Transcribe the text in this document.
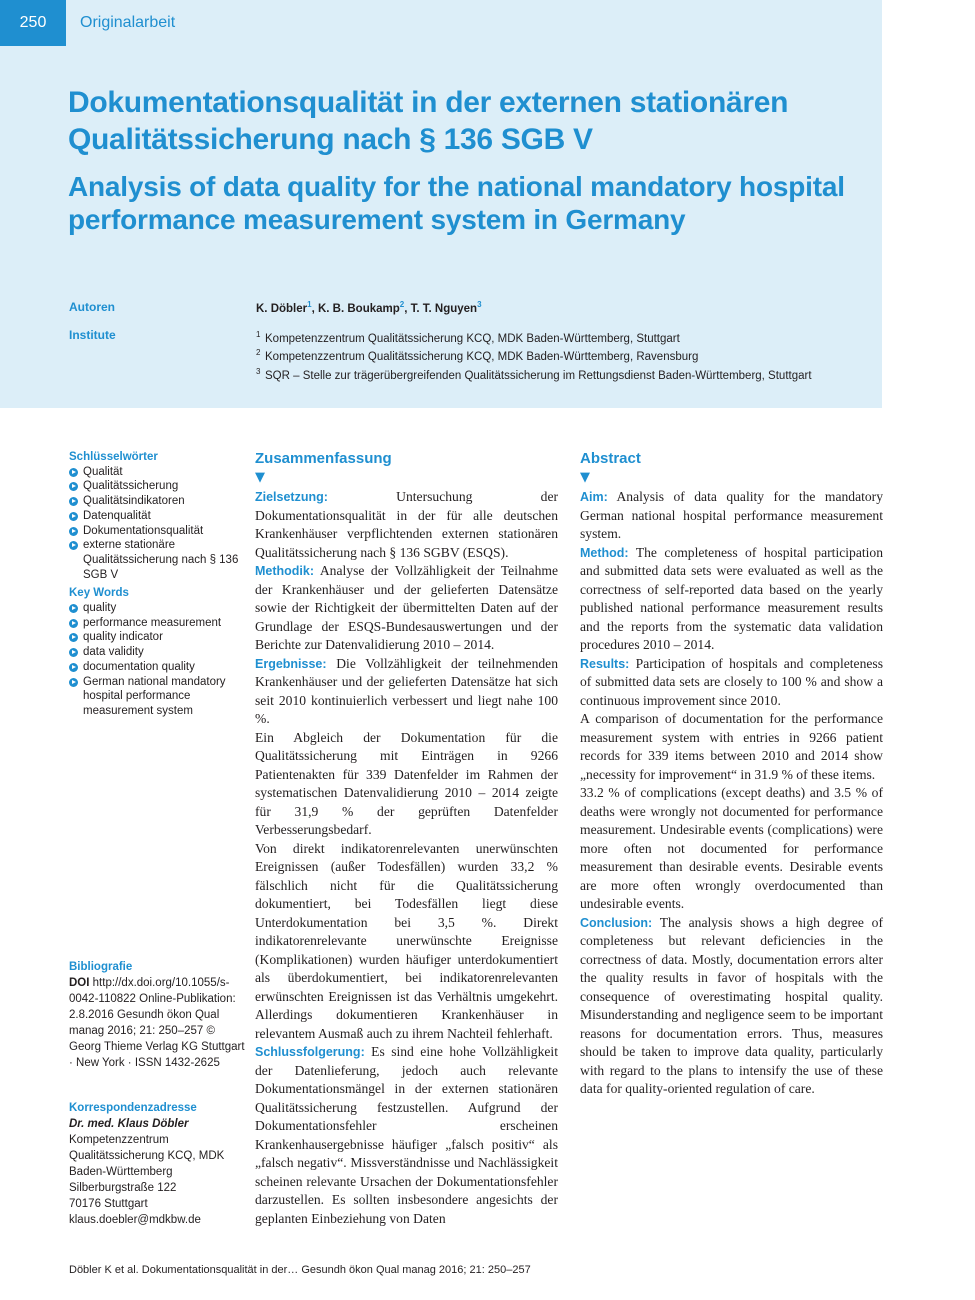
250	Originalarbeit
Dokumentationsqualität in der externen stationären Qualitätssicherung nach § 136 SGB V
Analysis of data quality for the national mandatory hospital performance measurement system in Germany
Autoren	K. Döbler$^1$, K. B. Boukamp$^2$, T. T. Nguyen$^3$
Institute	1 Kompetenzzentrum Qualitätssicherung KCQ, MDK Baden-Württemberg, Stuttgart
2 Kompetenzzentrum Qualitätssicherung KCQ, MDK Baden-Württemberg, Ravensburg
3 SQR – Stelle zur trägerübergreifenden Qualitätssicherung im Rettungsdienst Baden-Württemberg, Stuttgart
Schlüsselwörter
Qualität
Qualitätssicherung
Qualitätsindikatoren
Datenqualität
Dokumentationsqualität
externe stationäre Qualitätssicherung nach § 136 SGB V
Key Words
quality
performance measurement
quality indicator
data validity
documentation quality
German national mandatory hospital performance measurement system
Bibliografie
DOI http://dx.doi.org/10.1055/s-0042-110822 Online-Publikation: 2.8.2016 Gesundh ökon Qual manag 2016; 21: 250–257 © Georg Thieme Verlag KG Stuttgart · New York · ISSN 1432-2625
Korrespondenzadresse
Dr. med. Klaus Döbler
Kompetenzzentrum
Qualitätssicherung KCQ, MDK
Baden-Württemberg
Silberburgstraße 122
70176 Stuttgart
klaus.doebler@mdkbw.de
Zusammenfassung
▼

Zielsetzung:	Untersuchung der Dokumentationsqualität in der für alle deutschen Krankenhäuser verpflichtenden externen stationären Qualitätssicherung nach § 136 SGBV (ESQS).

Methodik: Analyse der Vollzähligkeit der Teilnahme der Krankenhäuser und der gelieferten Datensätze sowie der Richtigkeit der übermittelten Daten auf der Grundlage der ESQS-Bundesauswertungen und der Berichte zur Datenvalidierung 2010 – 2014.

Ergebnisse: Die Vollzähligkeit der teilnehmenden Krankenhäuser und der gelieferten Datensätze hat sich seit 2010 kontinuierlich verbessert und liegt nahe 100 %.

Ein Abgleich der Dokumentation für die Qualitätssicherung mit Einträgen in 9266 Patientenakten für 339 Datenfelder im Rahmen der systematischen Datenvalidierung 2010 – 2014 zeigte für 31,9 % der geprüften Datenfelder Verbesserungsbedarf.

Von direkt indikatorenrelevanten unerwünschten Ereignissen (außer Todesfällen) wurden 33,2 % fälschlich nicht für die Qualitätssicherung dokumentiert, bei Todesfällen liegt diese Unterdokumentation bei 3,5 %. Direkt indikatorenrelevante unerwünschte Ereignisse (Komplikationen) wurden häufiger unterdokumentiert als überdokumentiert, bei indikatorenrelevanten erwünschten Ereignissen ist das Verhältnis umgekehrt. Allerdings dokumentieren Krankenhäuser in relevantem Ausmaß auch zu ihrem Nachteil fehlerhaft.

Schlussfolgerung: Es sind eine hohe Vollzähligkeit der Datenlieferung, jedoch auch relevante Dokumentationsmängel in der externen stationären Qualitätssicherung festzustellen. Aufgrund der Dokumentationsfehler erscheinen Krankenhausergebnisse häufiger „falsch positiv“ als „falsch negativ“. Missverständnisse und Nachlässigkeit scheinen relevante Ursachen der Dokumentationsfehler darzustellen. Es sollten insbesondere angesichts der geplanten Einbeziehung von Daten

Abstract
▼

Aim: Analysis of data quality for the mandatory German national hospital performance measurement system.

Method: The completeness of hospital participation and submitted data sets were evaluated as well as the correctness of self-reported data based on the yearly published national performance measurement results and the reports from the systematic data validation procedures 2010 – 2014.

Results: Participation of hospitals and completeness of submitted data sets are closely to 100 % and show a continuous improvement since 2010.

A comparison of documentation for the performance measurement system with entries in 9266 patient records for 339 items between 2010 and 2014 show „necessity for improvement“ in 31.9 % of these items.

33.2 % of complications (except deaths) and 3.5 % of deaths were wrongly not documented for performance measurement. Undesirable events (complications) were more often not documented for performance measurement than desirable events. Desirable events are more often wrongly overdocumented than undesirable events.

Conclusion: The analysis shows a high degree of completeness but relevant deficiencies in the correctness of data. Mostly, documentation errors alter the quality results in favor of hospitals with the consequence of overestimating hospital quality. Misunderstanding and negligence seem to be important reasons for documentation errors. Thus, measures should be taken to improve data quality, particularly with regard to the plans to intensify the use of these data for quality-oriented regulation of care.

Döbler K et al. Dokumentationsqualität in der… Gesundh ökon Qual manag 2016; 21: 250–257
